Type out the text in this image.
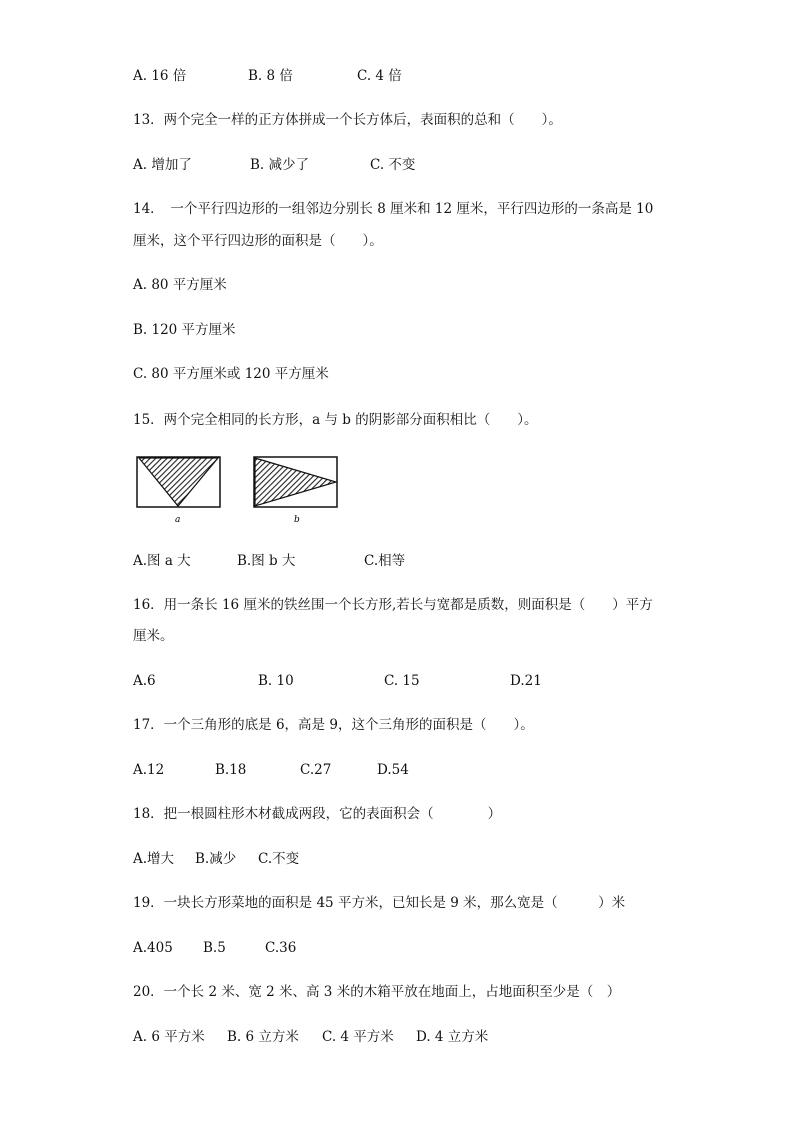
A. 16 倍	B. 8 倍	C. 4 倍
13．两个完全一样的正方体拼成一个长方体后，表面积的总和（　　）。
A. 增加了	B. 减少了	C. 不变
14．　一个平行四边形的一组邻边分别长 8 厘米和 12 厘米，平行四边形的一条高是 10
厘米，这个平行四边形的面积是（　　）。
A. 80 平方厘米
B. 120 平方厘米
C. 80 平方厘米或 120 平方厘米
15．两个完全相同的长方形，a 与 b 的阴影部分面积相比（　　）。
a	b
A.图 a 大	B.图 b 大	C.相等
16．用一条长 16 厘米的铁丝围一个长方形,若长与宽都是质数，则面积是（　　）平方
厘米。
A.6	B. 10	C. 15	D.21
17．一个三角形的底是 6，高是 9，这个三角形的面积是（　　）。
A.12	B.18	C.27	D.54
18．把一根圆柱形木材截成两段，它的表面积会（　　　　）
A.增大 B.减少 C.不变
19．一块长方形菜地的面积是 45 平方米，已知长是 9 米，那么宽是（　　　）米
A.405 B.5	C.36
20．一个长 2 米、宽 2 米、高 3 米的木箱平放在地面上，占地面积至少是（　）
A. 6 平方米 B. 6 立方米 C. 4 平方米 D. 4 立方米
